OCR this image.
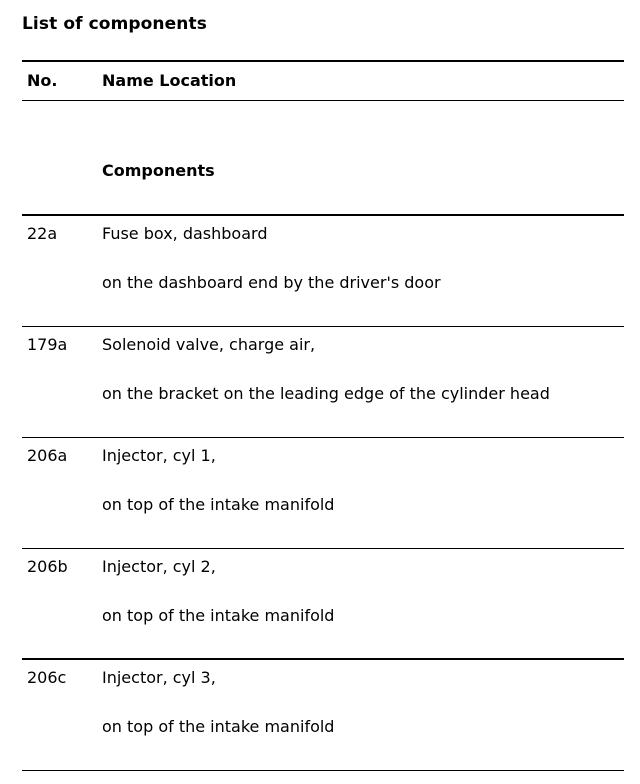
List of components
No.	Name Location
Components
22a	Fuse box, dashboard
on the dashboard end by the driver's door
179a Solenoid valve, charge air,
on the bracket on the leading edge of the cylinder head
206a Injector, cyl 1,
on top of the intake manifold
206b Injector, cyl 2,
on top of the intake manifold
206c Injector, cyl 3,
on top of the intake manifold
